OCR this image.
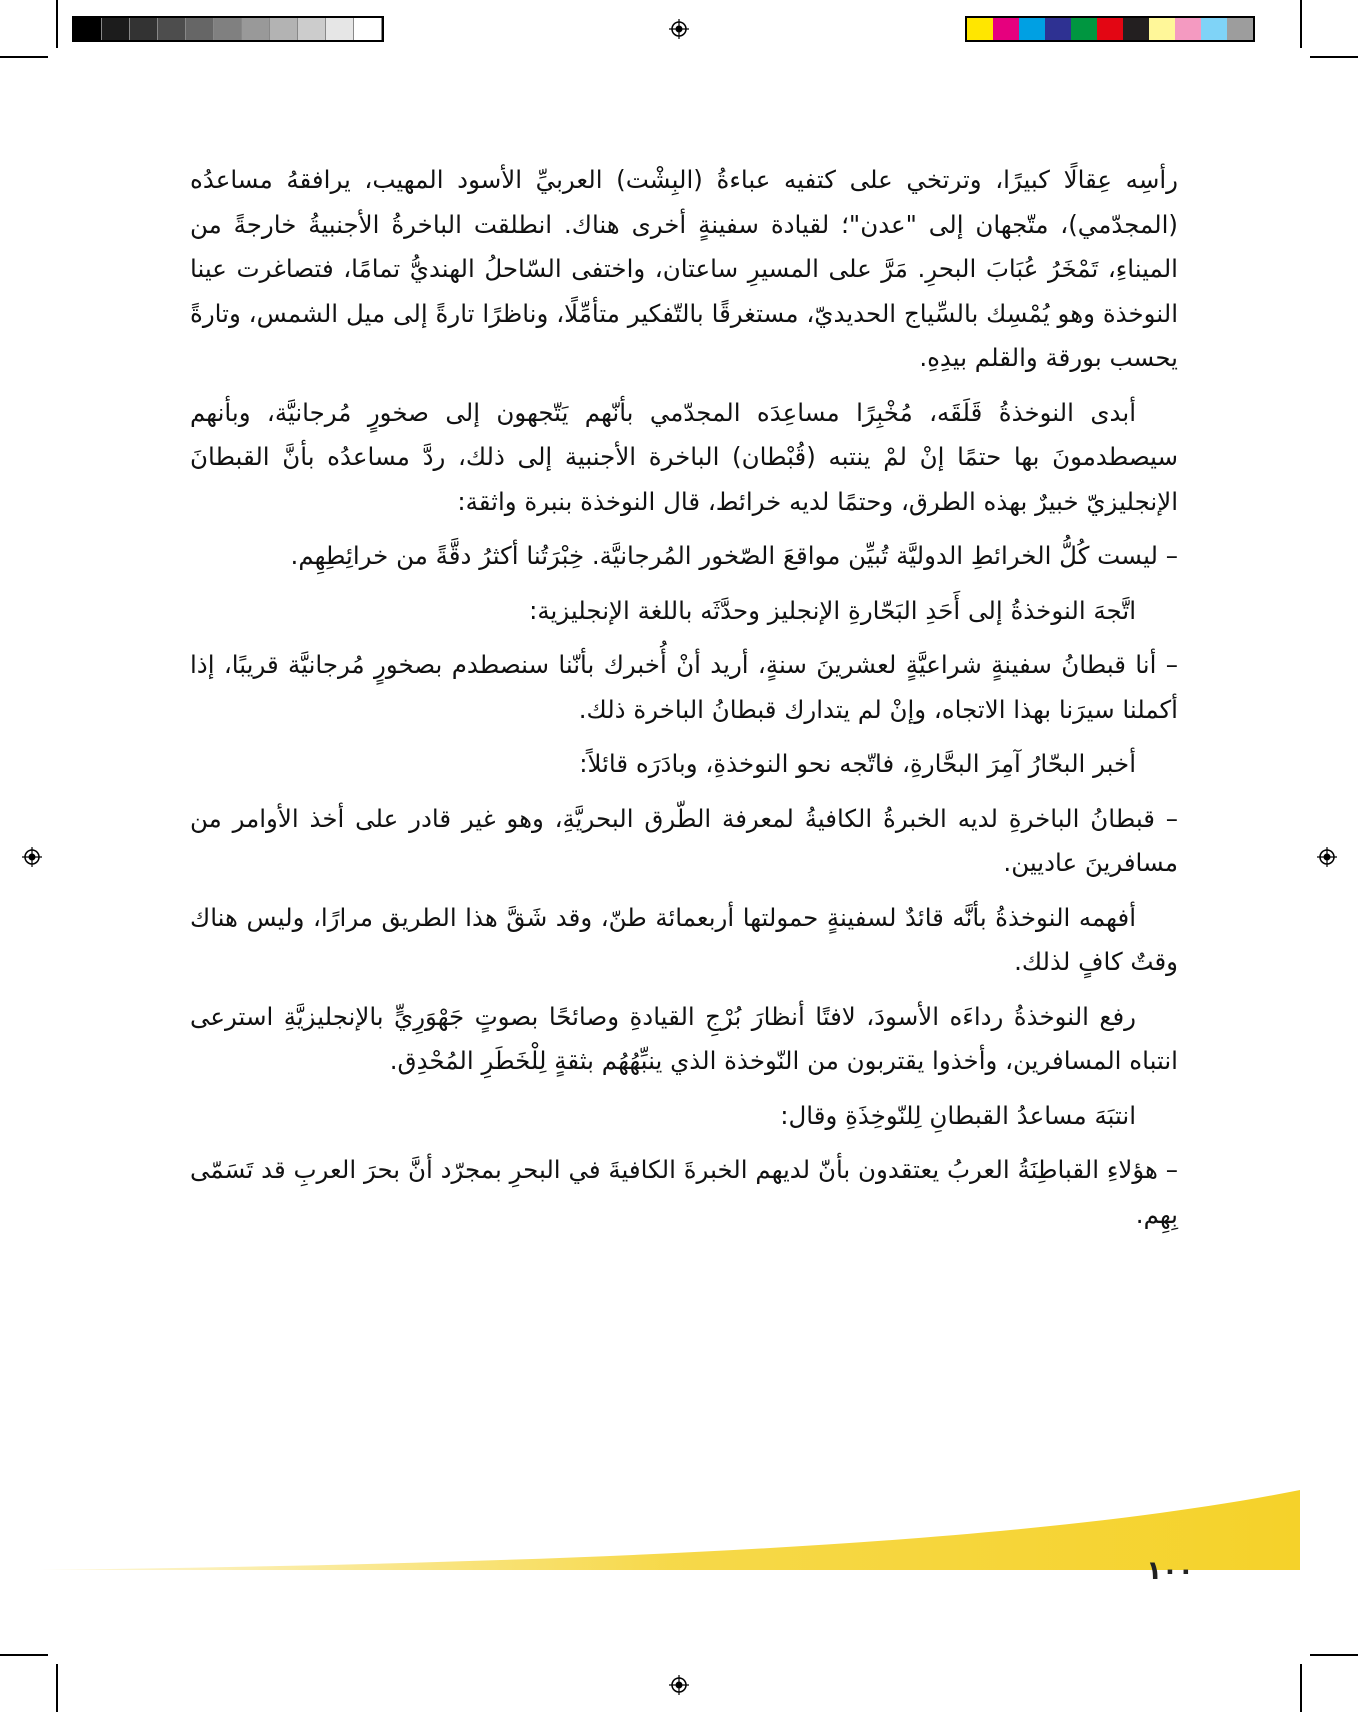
رأسِه عِقالًا كبيرًا، وترتخي على كتفيه عباءةُ (البِشْت) العربيِّ الأسود المهيب، يرافقهُ مساعدُه (المجدّمي)، متّجهان إلى "عدن"؛ لقيادة سفينةٍ أخرى هناك. انطلقت الباخرةُ الأجنبيةُ خارجةً من الميناءِ، تَمْخَرُ عُبَابَ البحرِ. مَرَّ على المسيرِ ساعتان، واختفى السّاحلُ الهنديُّ تمامًا، فتصاغرت عينا النوخذة وهو يُمْسِك بالسِّياج الحديديّ، مستغرقًا بالتّفكير متأمِّلًا، وناظرًا تارةً إلى ميل الشمس، وتارةً يحسب بورقة والقلم بيدِهِ.

أبدى النوخذةُ قَلَقَه، مُخْبِرًا مساعِدَه المجدّمي بأنّهم يَتّجهون إلى صخورٍ مُرجانيَّة، وبأنهم سيصطدمونَ بها حتمًا إنْ لمْ ينتبه (قُبْطان) الباخرة الأجنبية إلى ذلك، ردَّ مساعدُه بأنَّ القبطانَ الإنجليزيّ خبيرٌ بهذه الطرق، وحتمًا لديه خرائط، قال النوخذة بنبرة واثقة:

– ليست كُلُّ الخرائطِ الدوليَّة تُبيِّن مواقعَ الصّخور المُرجانيَّة. خِبْرَتُنا أكثرُ دقَّةً من خرائِطِهِم.

اتَّجهَ النوخذةُ إلى أَحَدِ البَحّارةِ الإنجليز وحدَّثَه باللغة الإنجليزية:

– أنا قبطانُ سفينةٍ شراعيَّةٍ لعشرينَ سنةٍ، أريد أنْ أُخبرك بأنّنا سنصطدم بصخورٍ مُرجانيَّة قريبًا، إذا أكملنا سيرَنا بهذا الاتجاه، وإنْ لم يتدارك قبطانُ الباخرة ذلك.

أخبر البحّارُ آمِرَ البحَّارةِ، فاتّجه نحو النوخذةِ، وبادَرَه قائلاً:

– قبطانُ الباخرةِ لديه الخبرةُ الكافيةُ لمعرفة الطّرق البحريَّةِ، وهو غير قادر على أخذ الأوامر من مسافرينَ عاديين.

أفهمه النوخذةُ بأنَّه قائدٌ لسفينةٍ حمولتها أربعمائة طنّ، وقد شَقَّ هذا الطريق مرارًا، وليس هناك وقتٌ كافٍ لذلك.

رفع النوخذةُ رداءَه الأسودَ، لافتًا أنظارَ بُرْجِ القيادةِ وصائحًا بصوتٍ جَهْوَرِيٍّ بالإنجليزيَّةِ استرعى انتباه المسافرين، وأخذوا يقتربون من النّوخذة الذي ينبِّهُهُم بثقةٍ لِلْخَطَرِ المُحْدِق.

انتبَهَ مساعدُ القبطانِ لِلنّوخِذَةِ وقال:

– هؤلاءِ القباطِنَةُ العربُ يعتقدون بأنّ لديهم الخبرةَ الكافيةَ في البحرِ بمجرّد أنَّ بحرَ العربِ قد تَسَمّى بِهِم.

١٠٠
